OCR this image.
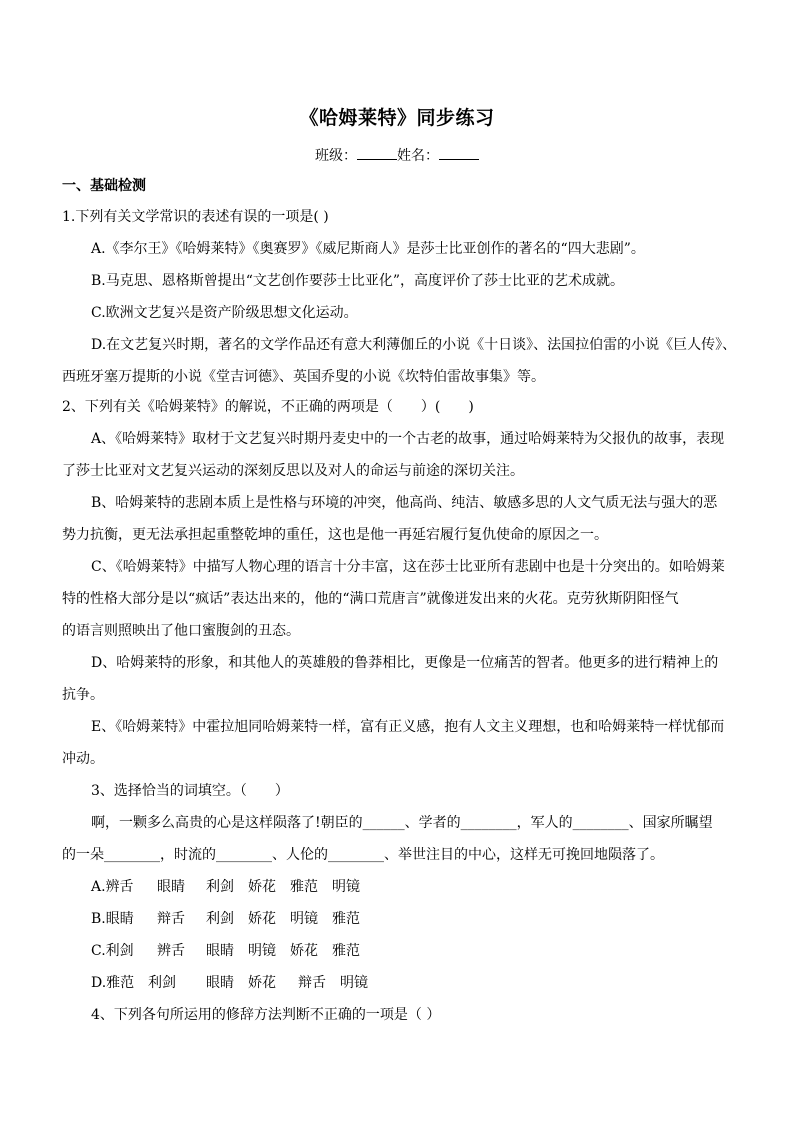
《哈姆莱特》同步练习
班级：	姓名：
一、基础检测
1.下列有关文学常识的表述有误的一项是( )
A.《李尔王》《哈姆莱特》《奥赛罗》《威尼斯商人》是莎士比亚创作的著名的“四大悲剧”。
B.马克思、恩格斯曾提出“文艺创作要莎士比亚化”，高度评价了莎士比亚的艺术成就。
C.欧洲文艺复兴是资产阶级思想文化运动。
D.在文艺复兴时期，著名的文学作品还有意大利薄伽丘的小说《十日谈》、法国拉伯雷的小说《巨人传》、
西班牙塞万提斯的小说《堂吉诃德》、英国乔叟的小说《坎特伯雷故事集》等。
2、下列有关《哈姆莱特》的解说，不正确的两项是（　　）(　　)
A、《哈姆莱特》取材于文艺复兴时期丹麦史中的一个古老的故事，通过哈姆莱特为父报仇的故事，表现
了莎士比亚对文艺复兴运动的深刻反思以及对人的命运与前途的深切关注。
B、哈姆莱特的悲剧本质上是性格与环境的冲突，他高尚、纯洁、敏感多思的人文气质无法与强大的恶
势力抗衡，更无法承担起重整乾坤的重任，这也是他一再延宕履行复仇使命的原因之一。
C、《哈姆莱特》中描写人物心理的语言十分丰富，这在莎士比亚所有悲剧中也是十分突出的。如哈姆莱
特的性格大部分是以“疯话”表达出来的，他的“满口荒唐言”就像迸发出来的火花。克劳狄斯阴阳怪气
的语言则照映出了他口蜜腹剑的丑态。
D、哈姆莱特的形象，和其他人的英雄般的鲁莽相比，更像是一位痛苦的智者。他更多的进行精神上的
抗争。
E、《哈姆莱特》中霍拉旭同哈姆莱特一样，富有正义感，抱有人文主义理想，也和哈姆莱特一样忧郁而
冲动。
3、选择恰当的词填空。（　　）
啊，一颗多么高贵的心是这样陨落了!朝臣的______、学者的________，军人的________、国家所瞩望
的一朵________，时流的________、人伦的________、举世注目的中心，这样无可挽回地陨落了。
A.辨舌 眼睛 利剑 娇花 雅范 明镜
B.眼睛 辩舌 利剑 娇花 明镜 雅范
C.利剑 辨舌 眼睛 明镜 娇花 雅范
D.雅范 利剑 眼睛 娇花 辩舌 明镜
4、下列各句所运用的修辞方法判断不正确的一项是（ ）
